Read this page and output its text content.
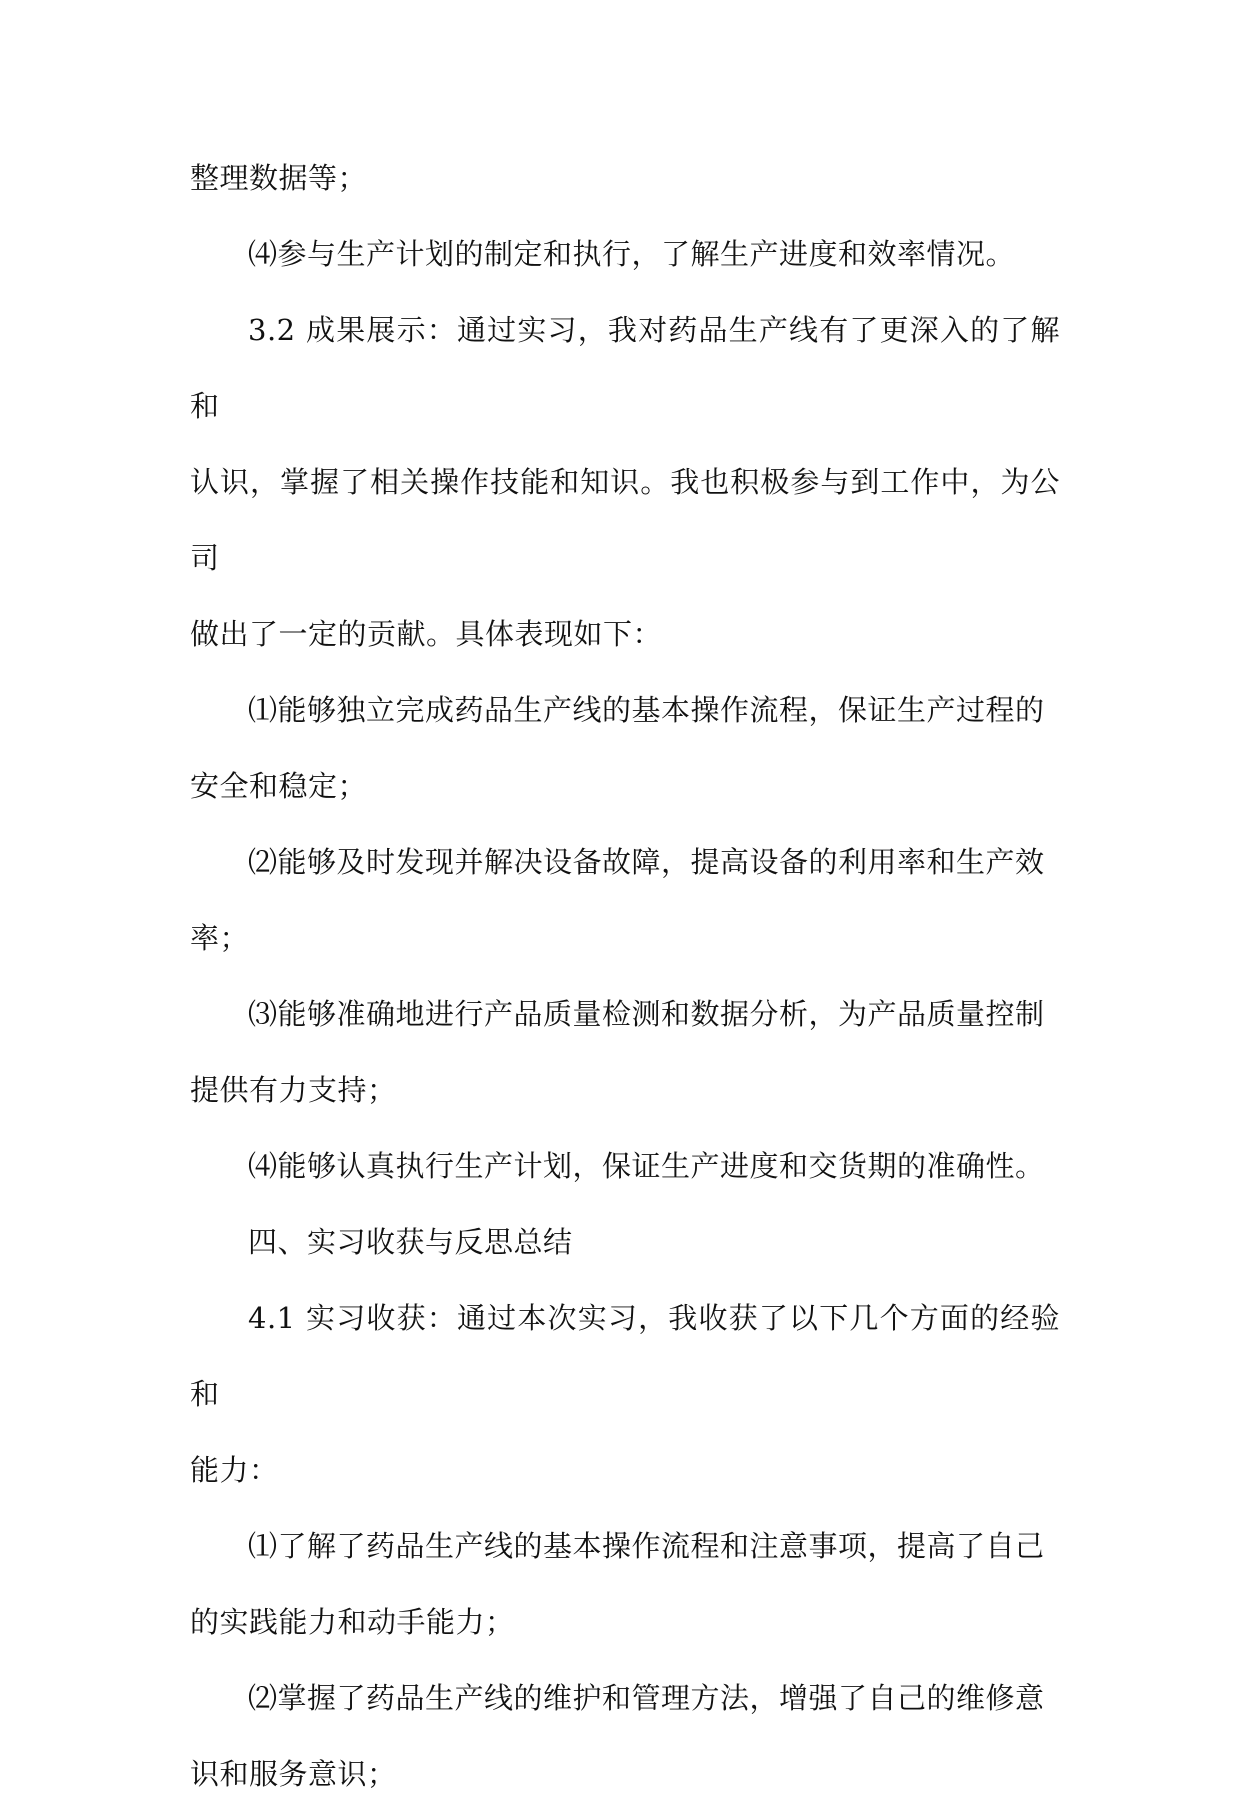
整理数据等；

⑷参与生产计划的制定和执行，了解生产进度和效率情况。

3.2 成果展示：通过实习，我对药品生产线有了更深入的了解和
认识，掌握了相关操作技能和知识。我也积极参与到工作中，为公司
做出了一定的贡献。具体表现如下：

⑴能够独立完成药品生产线的基本操作流程，保证生产过程的
安全和稳定；

⑵能够及时发现并解决设备故障，提高设备的利用率和生产效
率；

⑶能够准确地进行产品质量检测和数据分析，为产品质量控制
提供有力支持；

⑷能够认真执行生产计划，保证生产进度和交货期的准确性。

四、实习收获与反思总结

4.1 实习收获：通过本次实习，我收获了以下几个方面的经验和
能力：

⑴了解了药品生产线的基本操作流程和注意事项，提高了自己
的实践能力和动手能力；

⑵掌握了药品生产线的维护和管理方法，增强了自己的维修意
识和服务意识；
